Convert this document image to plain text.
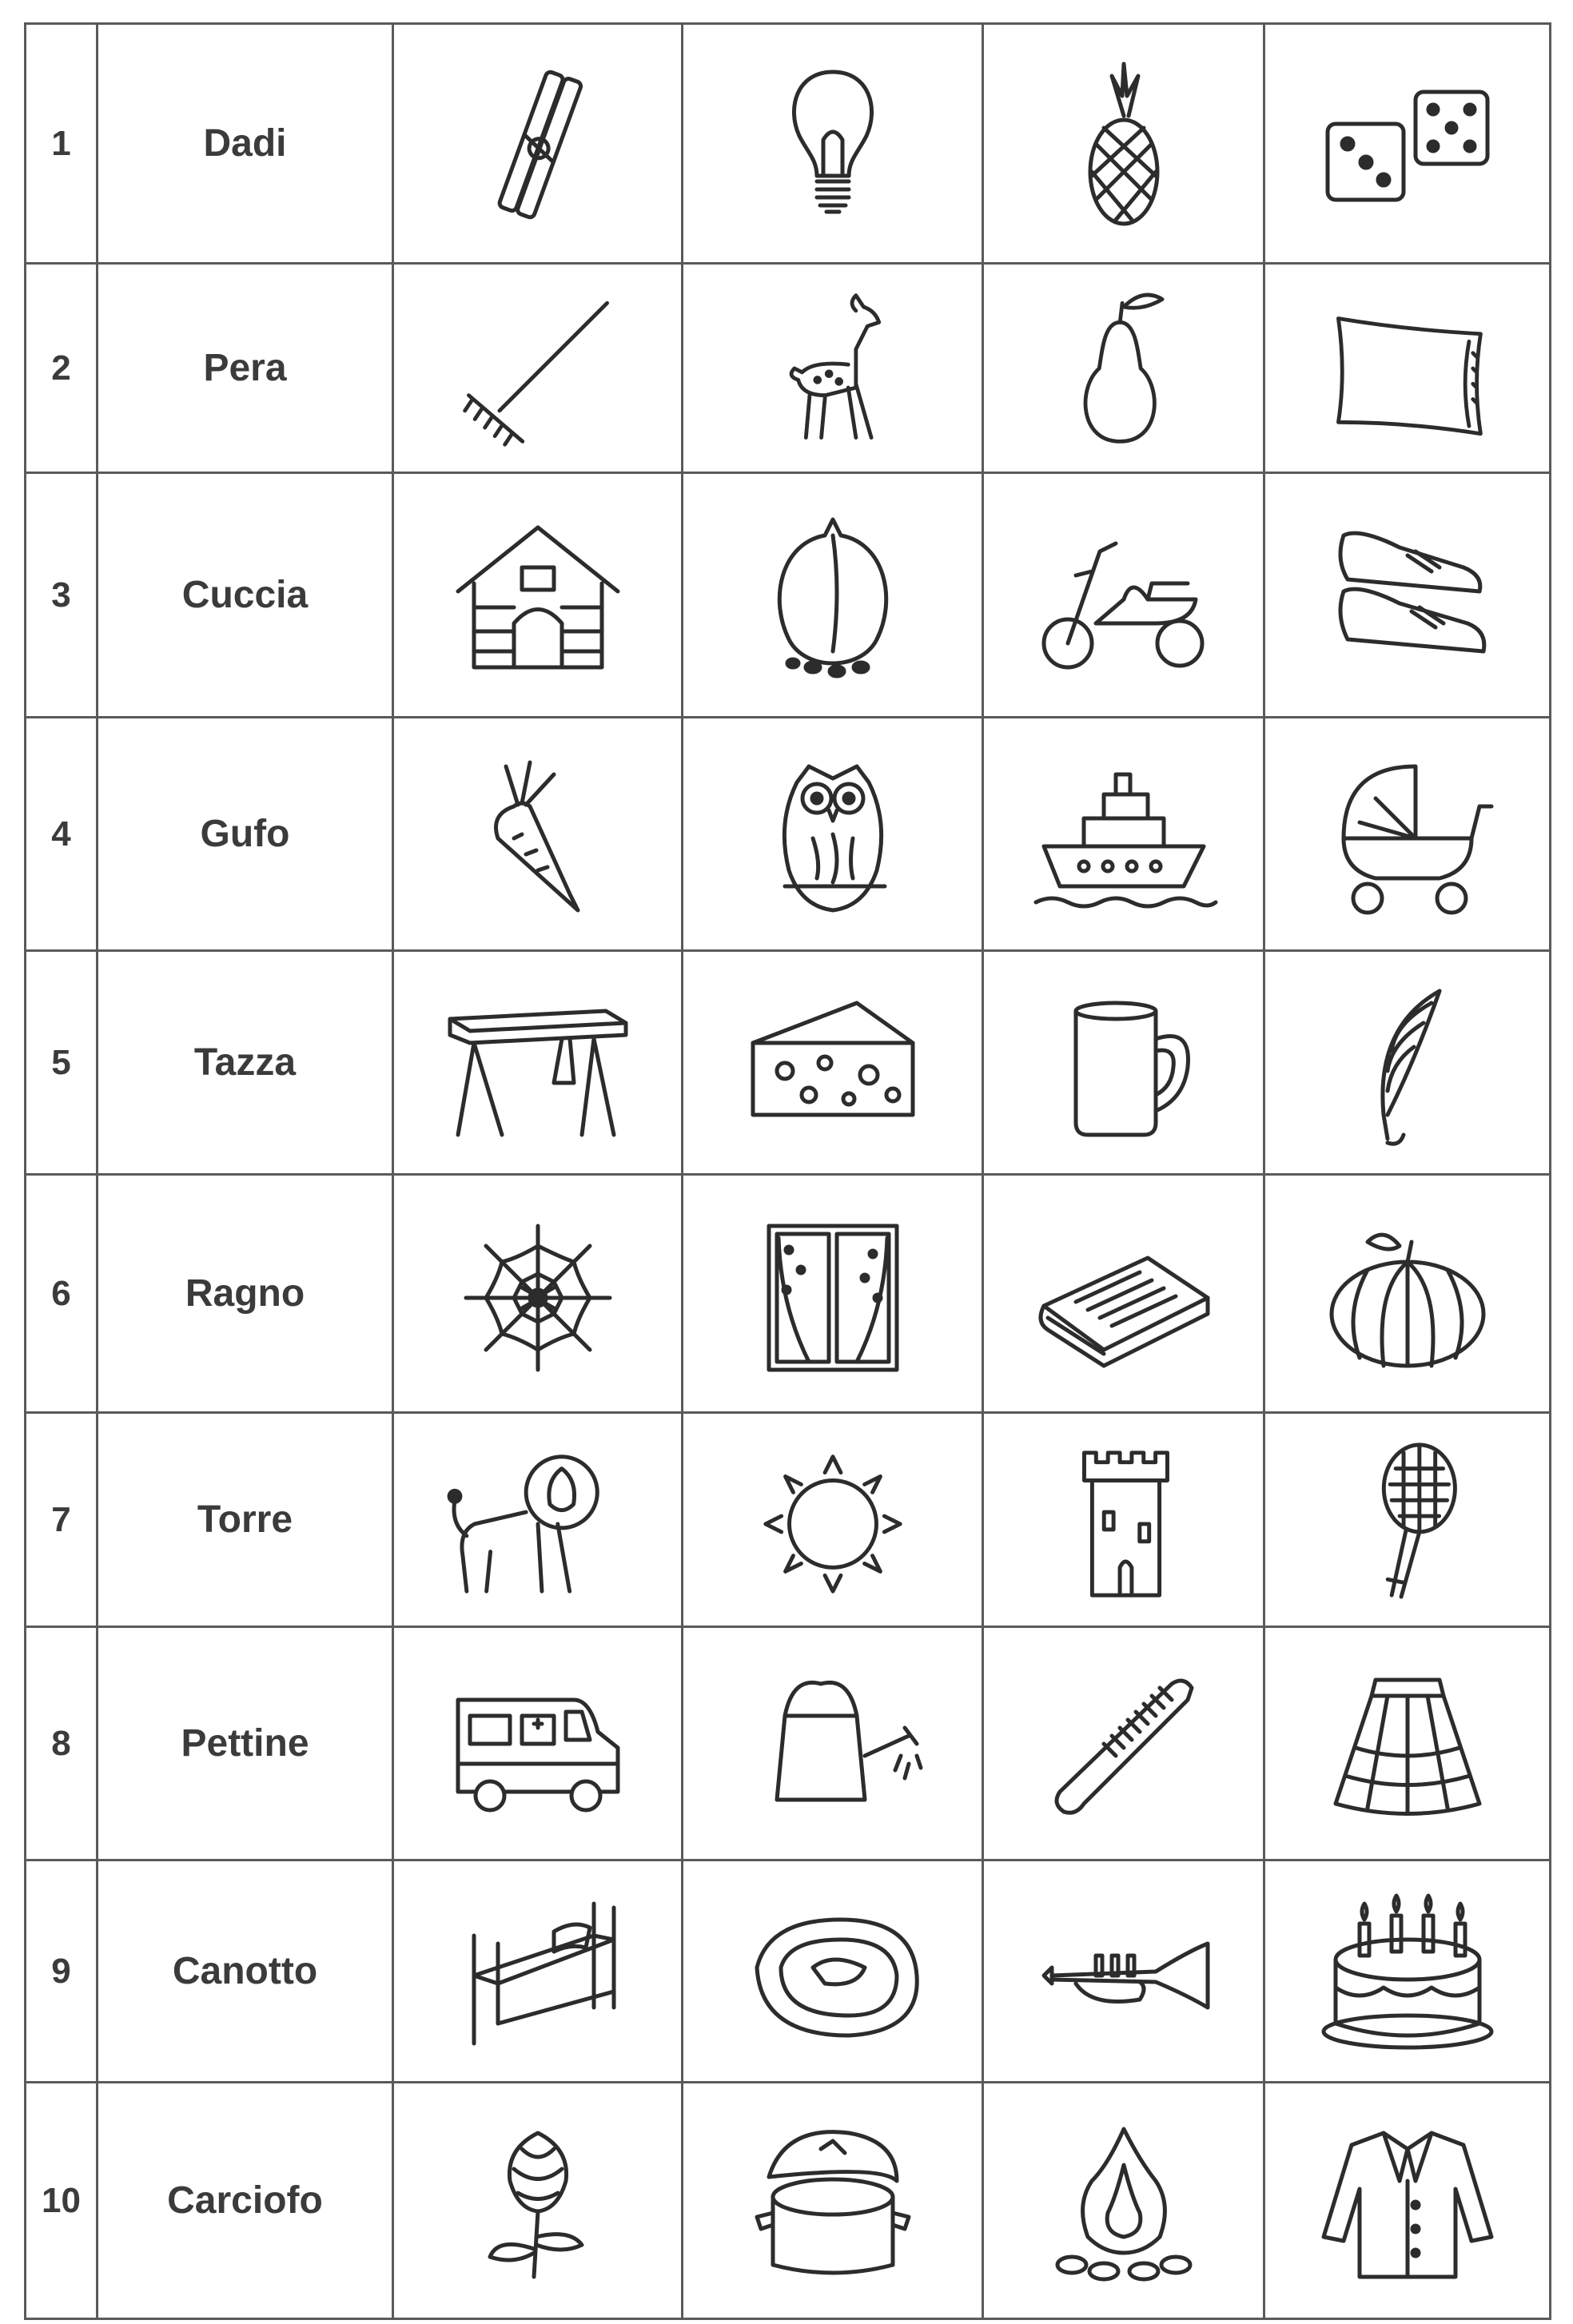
1	Dadi	

2	Pera	

3	Cuccia	

4	Gufo	

5	Tazza	

6	Ragno	

7	Torre	

8	Pettine	

9	Canotto	

10	Carciofo	
